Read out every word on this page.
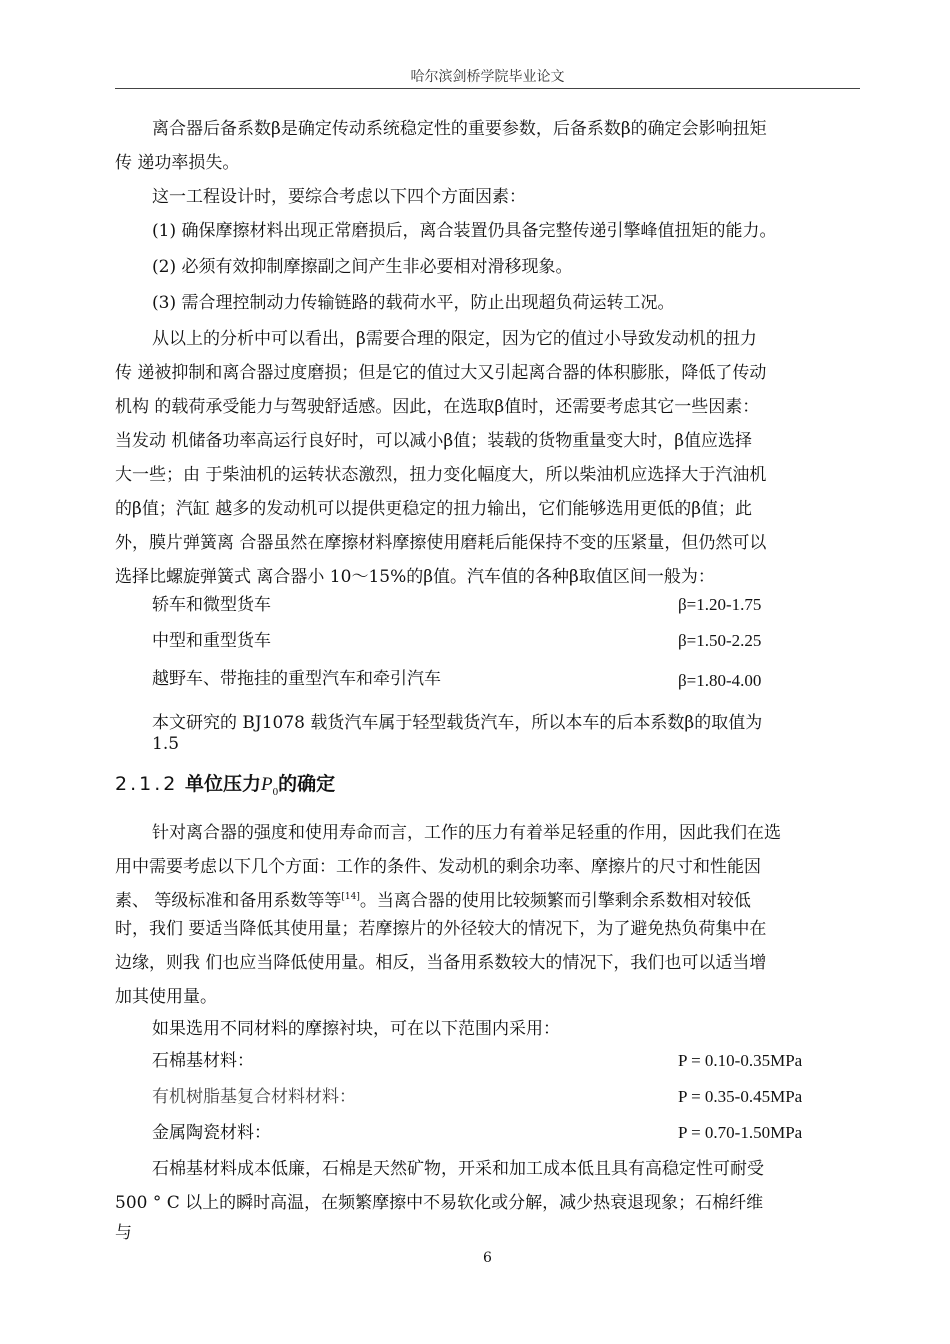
哈尔滨剑桥学院毕业论文
离合器后备系数β是确定传动系统稳定性的重要参数，后备系数β的确定会影响扭矩
传 递功率损失。
这一工程设计时，要综合考虑以下四个方面因素：
(1) 确保摩擦材料出现正常磨损后，离合装置仍具备完整传递引擎峰值扭矩的能力。
(2) 必须有效抑制摩擦副之间产生非必要相对滑移现象。
(3) 需合理控制动力传输链路的载荷水平，防止出现超负荷运转工况。
从以上的分析中可以看出，β需要合理的限定，因为它的值过小导致发动机的扭力
传 递被抑制和离合器过度磨损；但是它的值过大又引起离合器的体积膨胀，降低了传动
机构 的载荷承受能力与驾驶舒适感。因此，在选取β值时，还需要考虑其它一些因素：
当发动 机储备功率高运行良好时，可以减小β值；装载的货物重量变大时，β值应选择
大一些；由 于柴油机的运转状态激烈，扭力变化幅度大，所以柴油机应选择大于汽油机
的β值；汽缸 越多的发动机可以提供更稳定的扭力输出，它们能够选用更低的β值；此
外，膜片弹簧离 合器虽然在摩擦材料摩擦使用磨耗后能保持不变的压紧量，但仍然可以
选择比螺旋弹簧式 离合器小 10～15%的β值。汽车值的各种β取值区间一般为：
轿车和微型货车	β=1.20-1.75
中型和重型货车	β=1.50-2.25
越野车、带拖挂的重型汽车和牵引汽车	β=1.80-4.00
本文研究的 BJ1078 载货汽车属于轻型载货汽车，所以本车的后本系数β的取值为
1.5
2.1.2 单位压力$P_0$的确定
针对离合器的强度和使用寿命而言，工作的压力有着举足轻重的作用，因此我们在选
用中需要考虑以下几个方面：工作的条件、发动机的剩余功率、摩擦片的尺寸和性能因
素、 等级标准和备用系数等等[14]。当离合器的使用比较频繁而引擎剩余系数相对较低
时，我们 要适当降低其使用量；若摩擦片的外径较大的情况下，为了避免热负荷集中在
边缘，则我 们也应当降低使用量。相反，当备用系数较大的情况下，我们也可以适当增
加其使用量。
如果选用不同材料的摩擦衬块，可在以下范围内采用：
石棉基材料：	P = 0.10-0.35MPa
有机树脂基复合材料材料：	P = 0.35-0.45MPa
金属陶瓷材料：	P = 0.70-1.50MPa
石棉基材料成本低廉，石棉是天然矿物，开采和加工成本低且具有高稳定性可耐受
500 ° C 以上的瞬时高温，在频繁摩擦中不易软化或分解，减少热衰退现象；石棉纤维
与
6
